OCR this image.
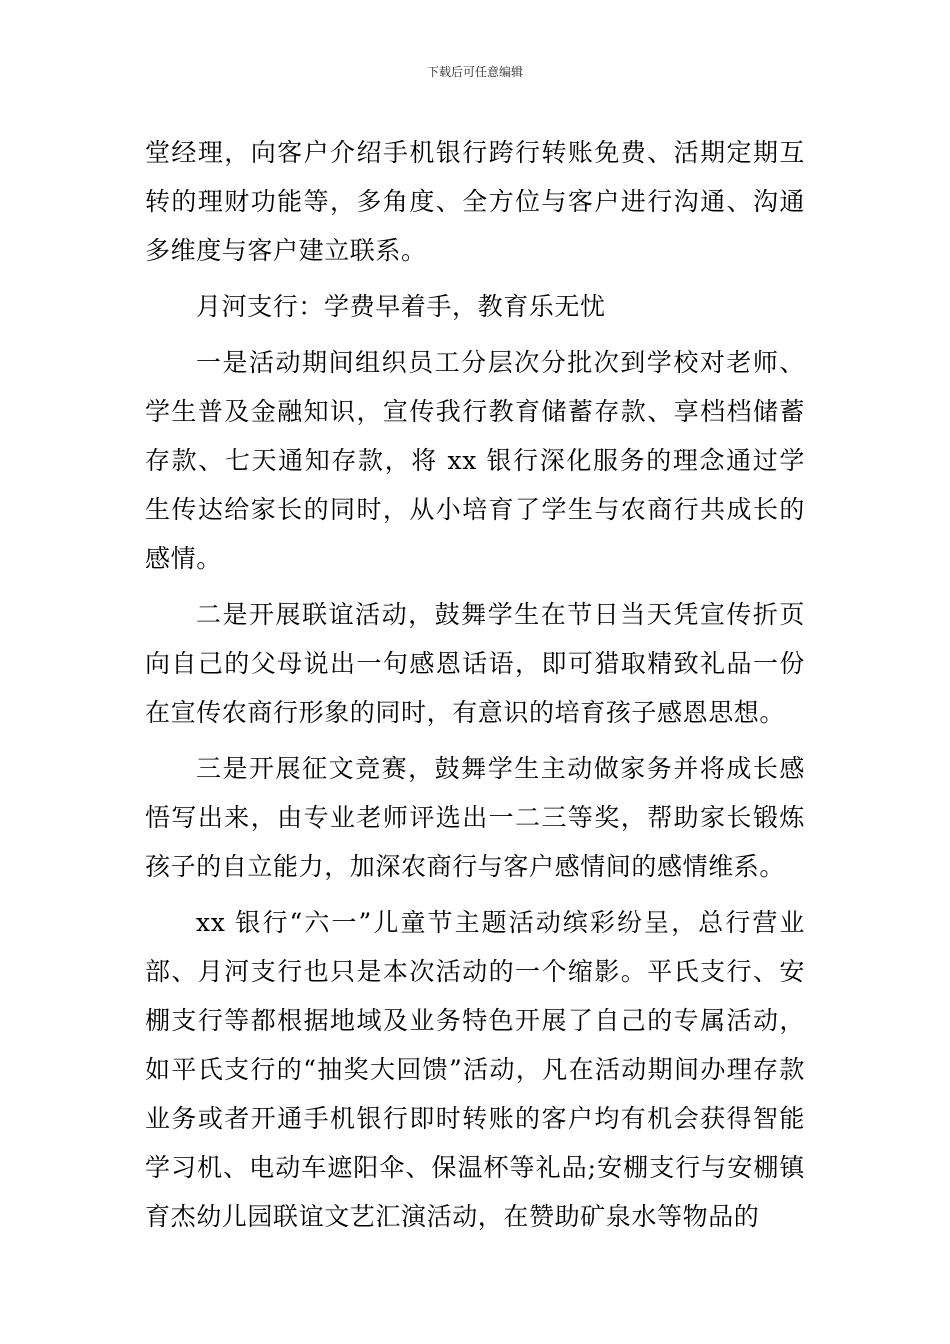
下载后可任意编辑

堂经理，向客户介绍手机银行跨行转账免费、活期定期互转的理财功能等，多角度、全方位与客户进行沟通、沟通多维度与客户建立联系。

月河支行：学费早着手，教育乐无忧

一是活动期间组织员工分层次分批次到学校对老师、学生普及金融知识，宣传我行教育储蓄存款、享档档储蓄存款、七天通知存款，将 xx 银行深化服务的理念通过学生传达给家长的同时，从小培育了学生与农商行共成长的感情。

二是开展联谊活动，鼓舞学生在节日当天凭宣传折页向自己的父母说出一句感恩话语，即可猎取精致礼品一份在宣传农商行形象的同时，有意识的培育孩子感恩思想。

三是开展征文竞赛，鼓舞学生主动做家务并将成长感悟写出来，由专业老师评选出一二三等奖，帮助家长锻炼孩子的自立能力，加深农商行与客户感情间的感情维系。

xx 银行“六一”儿童节主题活动缤彩纷呈，总行营业部、月河支行也只是本次活动的一个缩影。平氏支行、安棚支行等都根据地域及业务特色开展了自己的专属活动，如平氏支行的“抽奖大回馈”活动，凡在活动期间办理存款业务或者开通手机银行即时转账的客户均有机会获得智能学习机、电动车遮阳伞、保温杯等礼品;安棚支行与安棚镇育杰幼儿园联谊文艺汇演活动，在赞助矿泉水等物品的
